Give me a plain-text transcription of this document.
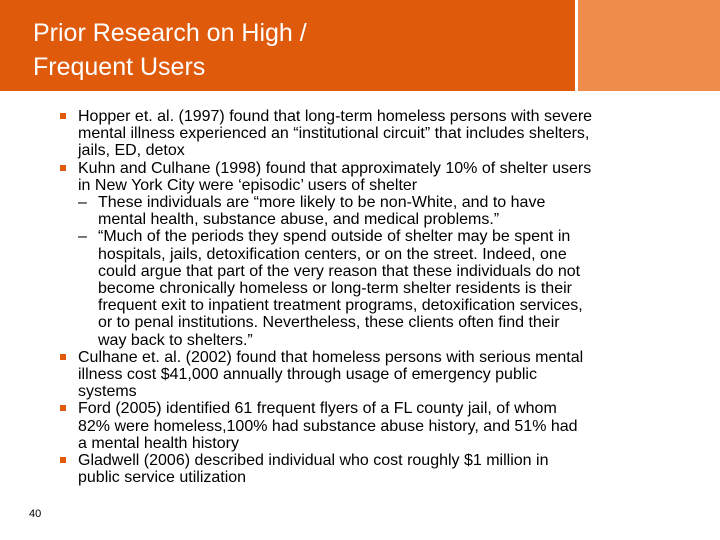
Prior Research on High /
Frequent Users
Hopper et. al. (1997) found that long-term homeless persons with severe
mental illness experienced an “institutional circuit” that includes shelters,
jails, ED, detox
Kuhn and Culhane (1998) found that approximately 10% of shelter users
in New York City were ‘episodic’ users of shelter
– These individuals are “more likely to be non-White, and to have
mental health, substance abuse, and medical problems.”
– “Much of the periods they spend outside of shelter may be spent in
hospitals, jails, detoxification centers, or on the street. Indeed, one
could argue that part of the very reason that these individuals do not
become chronically homeless or long-term shelter residents is their
frequent exit to inpatient treatment programs, detoxification services,
or to penal institutions. Nevertheless, these clients often find their
way back to shelters.”
Culhane et. al. (2002) found that homeless persons with serious mental
illness cost $41,000 annually through usage of emergency public
systems
Ford (2005) identified 61 frequent flyers of a FL county jail, of whom
82% were homeless,100% had substance abuse history, and 51% had
a mental health history
Gladwell (2006) described individual who cost roughly $1 million in
public service utilization
40
